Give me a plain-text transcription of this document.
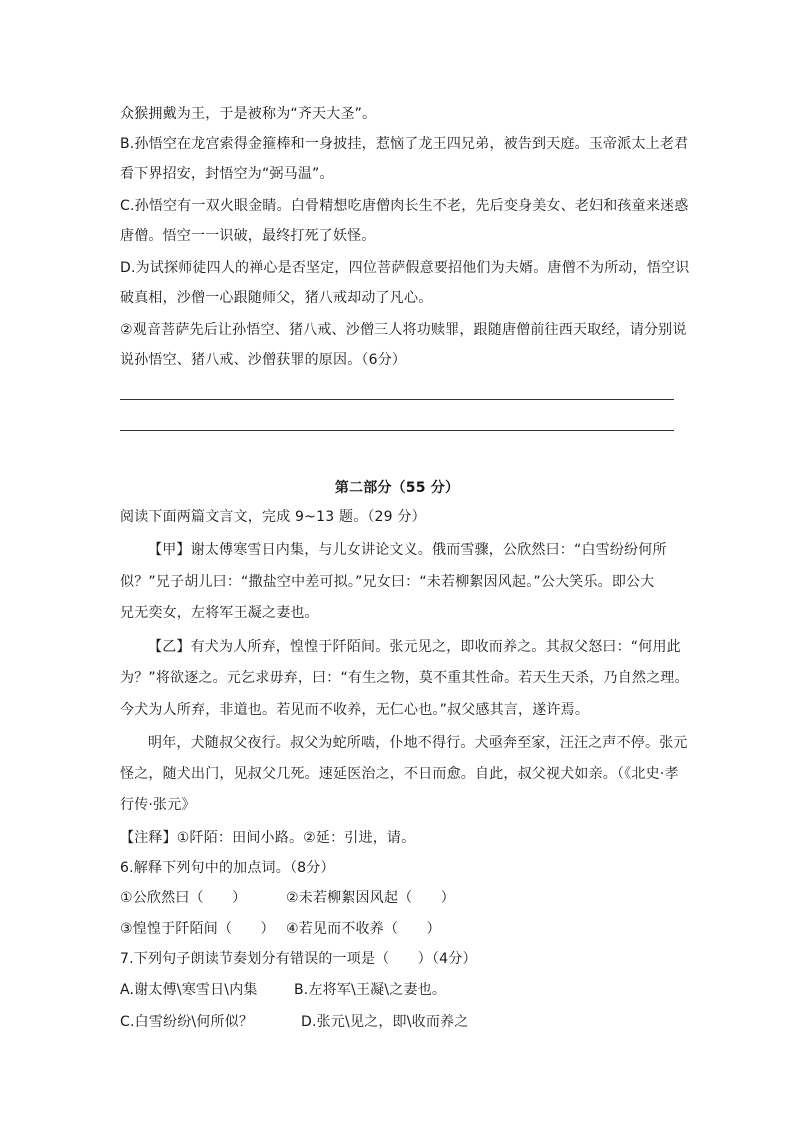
众猴拥戴为王，于是被称为“齐天大圣”。
B.孙悟空在龙宫索得金箍棒和一身披挂，惹恼了龙王四兄弟，被告到天庭。玉帝派太上老君
看下界招安，封悟空为“弼马温”。
C.孙悟空有一双火眼金睛。白骨精想吃唐僧肉长生不老，先后变身美女、老妇和孩童来迷惑
唐僧。悟空一一识破，最终打死了妖怪。
D.为试探师徒四人的禅心是否坚定，四位菩萨假意要招他们为夫婿。唐僧不为所动，悟空识
破真相，沙僧一心跟随师父，猪八戒却动了凡心。
②观音菩萨先后让孙悟空、猪八戒、沙僧三人将功赎罪，跟随唐僧前往西天取经，请分别说
说孙悟空、猪八戒、沙僧获罪的原因。（6分）
第二部分（55 分）
阅读下面两篇文言文，完成 9~13 题。（29 分）
【甲】谢太傅寒雪日内集，与儿女讲论文义。俄而雪骤，公欣然曰：“白雪纷纷何所
似？”兄子胡儿曰：“撒盐空中差可拟。”兄女曰：“未若柳絮因风起。”公大笑乐。即公大
兄无奕女，左将军王凝之妻也。
【乙】有犬为人所弃，惶惶于阡陌间。张元见之，即收而养之。其叔父怒曰：“何用此
为？”将欲逐之。元乞求毋弃，曰：“有生之物，莫不重其性命。若天生天杀，乃自然之理。
今犬为人所弃，非道也。若见而不收养，无仁心也。”叔父感其言，遂许焉。
明年，犬随叔父夜行。叔父为蛇所啮，仆地不得行。犬亟奔至家，汪汪之声不停。张元
怪之，随犬出门，见叔父几死。速延医治之，不日而愈。自此，叔父视犬如亲。（《北史·孝
行传·张元》
【注释】①阡陌：田间小路。②延：引进，请。
6.解释下列句中的加点词。（8分）
①公欣然曰（　　）	②未若柳絮因风起（　　）
③惶惶于阡陌间（　　） ④若见而不收养（　　）
7.下列句子朗读节奏划分有错误的一项是（　　）（4分）
A.谢太傅\寒雪日\内集	B.左将军\王凝\之妻也。
C.白雪纷纷\何所似？	D.张元\见之，即\收而养之
